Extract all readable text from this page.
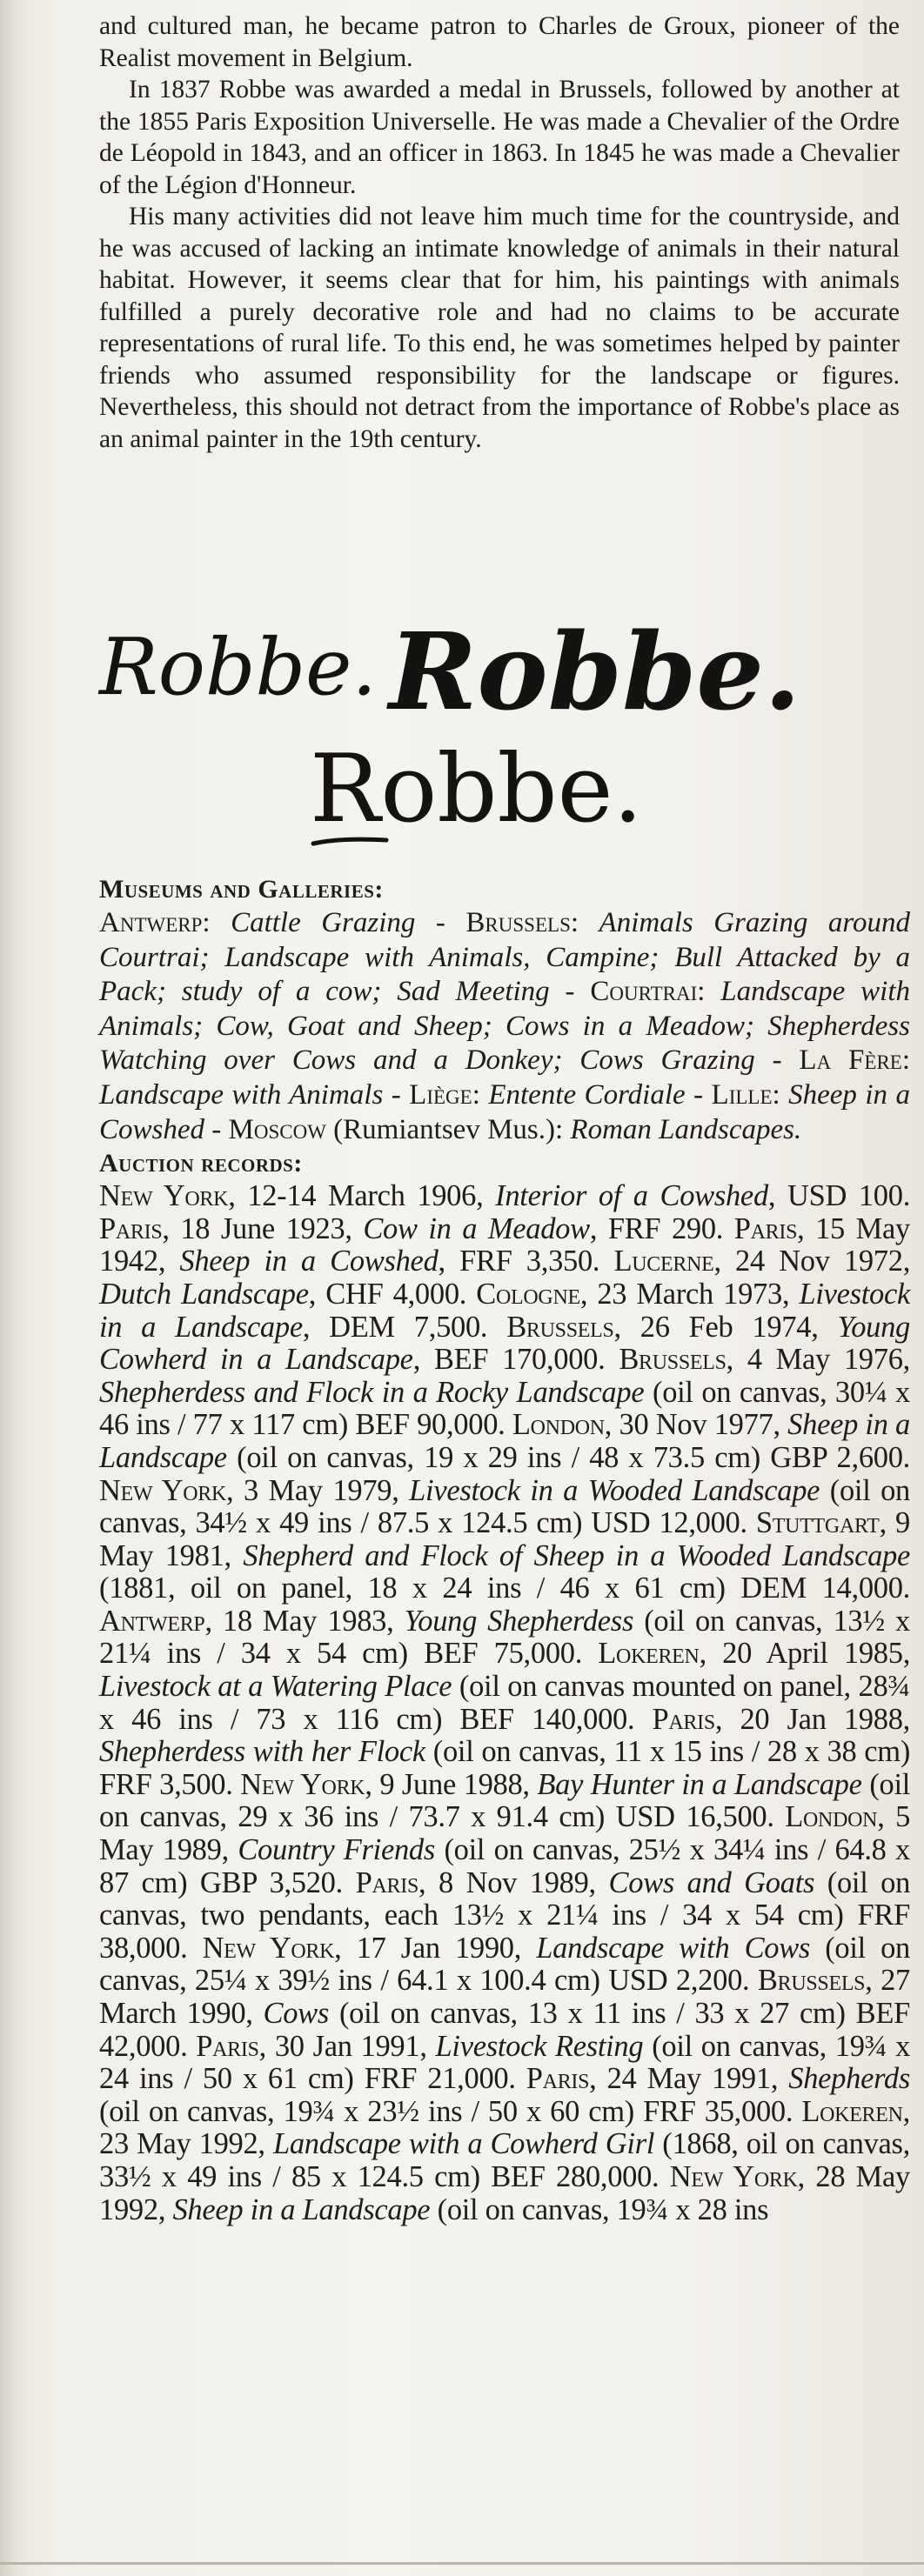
and cultured man, he became patron to Charles de Groux, pioneer of the Realist movement in Belgium.

In 1837 Robbe was awarded a medal in Brussels, followed by another at the 1855 Paris Exposition Universelle. He was made a Chevalier of the Ordre de Léopold in 1843, and an officer in 1863. In 1845 he was made a Chevalier of the Légion d'Honneur.

His many activities did not leave him much time for the countryside, and he was accused of lacking an intimate knowledge of animals in their natural habitat. However, it seems clear that for him, his paintings with animals fulfilled a purely decorative role and had no claims to be accurate representations of rural life. To this end, he was sometimes helped by painter friends who assumed responsibility for the landscape or figures. Nevertheless, this should not detract from the importance of Robbe's place as an animal painter in the 19th century.

Robbe. Robbe.
Robbe.
Museums and Galleries:
Antwerp: Cattle Grazing - Brussels: Animals Grazing around Courtrai; Landscape with Animals, Campine; Bull Attacked by a Pack; study of a cow; Sad Meeting - Courtrai: Landscape with Animals; Cow, Goat and Sheep; Cows in a Meadow; Shepherdess Watching over Cows and a Donkey; Cows Grazing - La Fère: Landscape with Animals - Liège: Entente Cordiale - Lille: Sheep in a Cowshed - Moscow (Rumiantsev Mus.): Roman Landscapes.
Auction records:
New York, 12-14 March 1906, Interior of a Cowshed, USD 100. Paris, 18 June 1923, Cow in a Meadow, FRF 290. Paris, 15 May 1942, Sheep in a Cowshed, FRF 3,350. Lucerne, 24 Nov 1972, Dutch Landscape, CHF 4,000. Cologne, 23 March 1973, Livestock in a Landscape, DEM 7,500. Brussels, 26 Feb 1974, Young Cowherd in a Landscape, BEF 170,000. Brussels, 4 May 1976, Shepherdess and Flock in a Rocky Landscape (oil on canvas, 30¼ x 46 ins / 77 x 117 cm) BEF 90,000. London, 30 Nov 1977, Sheep in a Landscape (oil on canvas, 19 x 29 ins / 48 x 73.5 cm) GBP 2,600. New York, 3 May 1979, Livestock in a Wooded Landscape (oil on canvas, 34½ x 49 ins / 87.5 x 124.5 cm) USD 12,000. Stuttgart, 9 May 1981, Shepherd and Flock of Sheep in a Wooded Landscape (1881, oil on panel, 18 x 24 ins / 46 x 61 cm) DEM 14,000. Antwerp, 18 May 1983, Young Shepherdess (oil on canvas, 13½ x 21¼ ins / 34 x 54 cm) BEF 75,000. Lokeren, 20 April 1985, Livestock at a Watering Place (oil on canvas mounted on panel, 28¾ x 46 ins / 73 x 116 cm) BEF 140,000. Paris, 20 Jan 1988, Shepherdess with her Flock (oil on canvas, 11 x 15 ins / 28 x 38 cm) FRF 3,500. New York, 9 June 1988, Bay Hunter in a Landscape (oil on canvas, 29 x 36 ins / 73.7 x 91.4 cm) USD 16,500. London, 5 May 1989, Country Friends (oil on canvas, 25½ x 34¼ ins / 64.8 x 87 cm) GBP 3,520. Paris, 8 Nov 1989, Cows and Goats (oil on canvas, two pendants, each 13½ x 21¼ ins / 34 x 54 cm) FRF 38,000. New York, 17 Jan 1990, Landscape with Cows (oil on canvas, 25¼ x 39½ ins / 64.1 x 100.4 cm) USD 2,200. Brussels, 27 March 1990, Cows (oil on canvas, 13 x 11 ins / 33 x 27 cm) BEF 42,000. Paris, 30 Jan 1991, Livestock Resting (oil on canvas, 19¾ x 24 ins / 50 x 61 cm) FRF 21,000. Paris, 24 May 1991, Shepherds (oil on canvas, 19¾ x 23½ ins / 50 x 60 cm) FRF 35,000. Lokeren, 23 May 1992, Landscape with a Cowherd Girl (1868, oil on canvas, 33½ x 49 ins / 85 x 124.5 cm) BEF 280,000. New York, 28 May 1992, Sheep in a Landscape (oil on canvas, 19¾ x 28 ins
